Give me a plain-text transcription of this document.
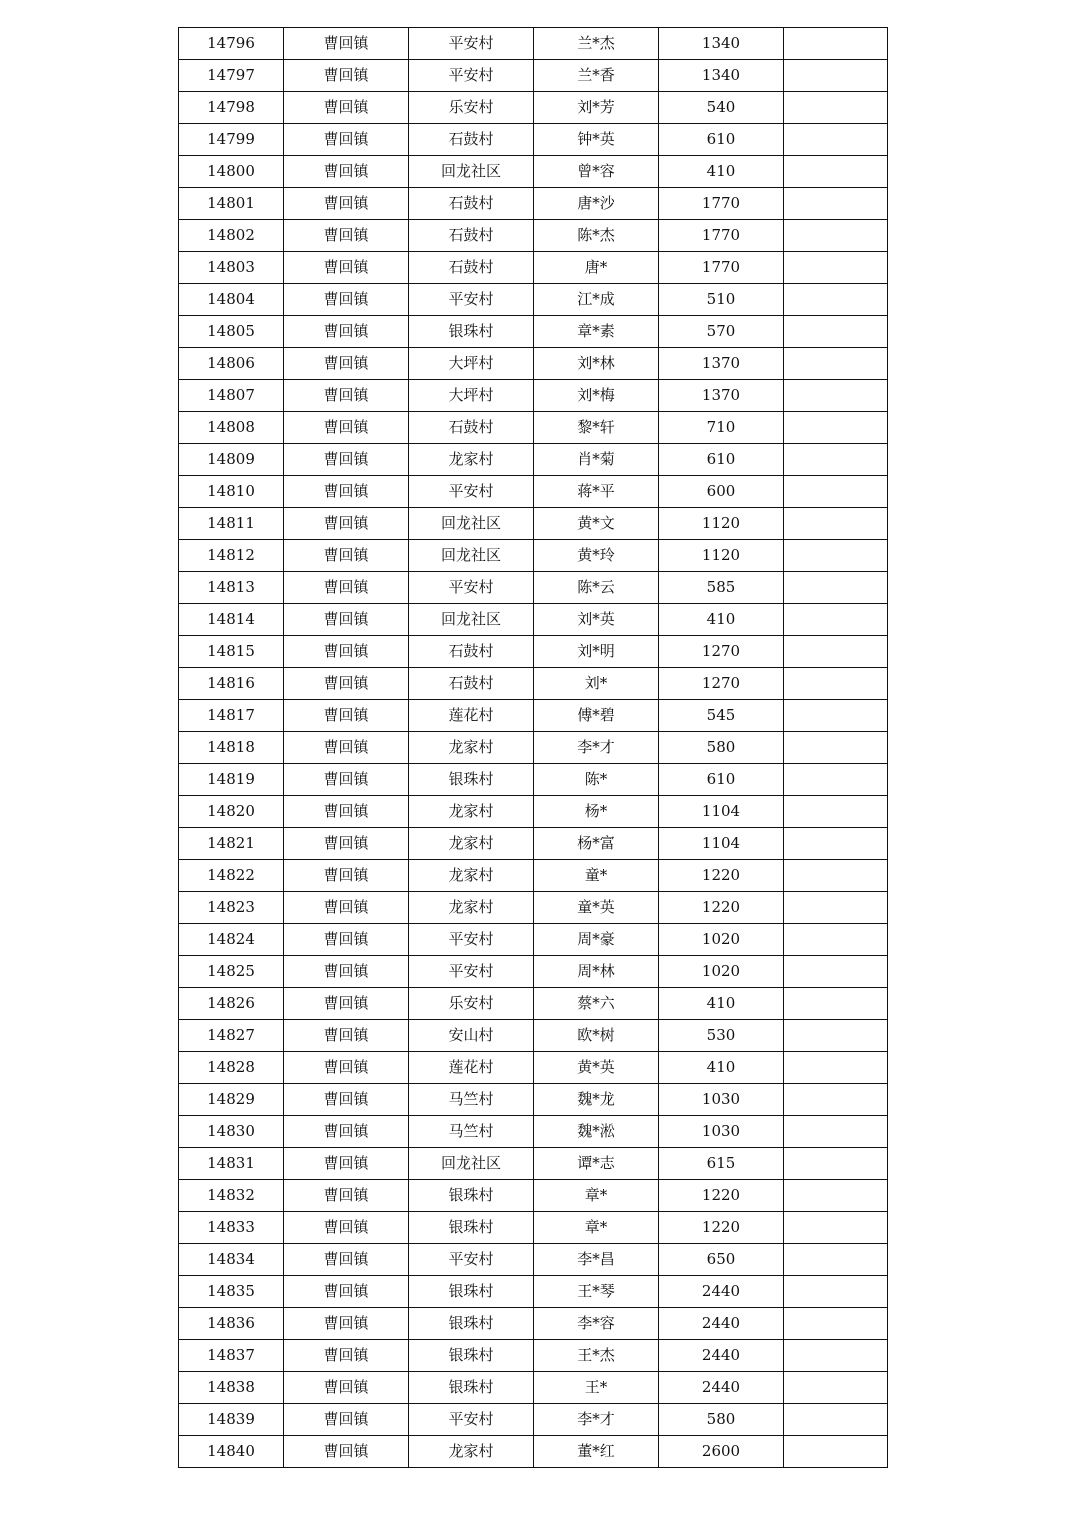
14796	曹回镇	平安村	兰*杰	1340	
14797	曹回镇	平安村	兰*香	1340	
14798	曹回镇	乐安村	刘*芳	540	
14799	曹回镇	石鼓村	钟*英	610	
14800	曹回镇	回龙社区	曾*容	410	
14801	曹回镇	石鼓村	唐*沙	1770	
14802	曹回镇	石鼓村	陈*杰	1770	
14803	曹回镇	石鼓村	唐*	1770	
14804	曹回镇	平安村	江*成	510	
14805	曹回镇	银珠村	章*素	570	
14806	曹回镇	大坪村	刘*林	1370	
14807	曹回镇	大坪村	刘*梅	1370	
14808	曹回镇	石鼓村	黎*轩	710	
14809	曹回镇	龙家村	肖*菊	610	
14810	曹回镇	平安村	蒋*平	600	
14811	曹回镇	回龙社区	黄*文	1120	
14812	曹回镇	回龙社区	黄*玲	1120	
14813	曹回镇	平安村	陈*云	585	
14814	曹回镇	回龙社区	刘*英	410	
14815	曹回镇	石鼓村	刘*明	1270	
14816	曹回镇	石鼓村	刘*	1270	
14817	曹回镇	莲花村	傅*碧	545	
14818	曹回镇	龙家村	李*才	580	
14819	曹回镇	银珠村	陈*	610	
14820	曹回镇	龙家村	杨*	1104	
14821	曹回镇	龙家村	杨*富	1104	
14822	曹回镇	龙家村	童*	1220	
14823	曹回镇	龙家村	童*英	1220	
14824	曹回镇	平安村	周*豪	1020	
14825	曹回镇	平安村	周*林	1020	
14826	曹回镇	乐安村	蔡*六	410	
14827	曹回镇	安山村	欧*树	530	
14828	曹回镇	莲花村	黄*英	410	
14829	曹回镇	马竺村	魏*龙	1030	
14830	曹回镇	马竺村	魏*淞	1030	
14831	曹回镇	回龙社区	谭*志	615	
14832	曹回镇	银珠村	章*	1220	
14833	曹回镇	银珠村	章*	1220	
14834	曹回镇	平安村	李*昌	650	
14835	曹回镇	银珠村	王*琴	2440	
14836	曹回镇	银珠村	李*容	2440	
14837	曹回镇	银珠村	王*杰	2440	
14838	曹回镇	银珠村	王*	2440	
14839	曹回镇	平安村	李*才	580	
14840	曹回镇	龙家村	董*红	2600	
